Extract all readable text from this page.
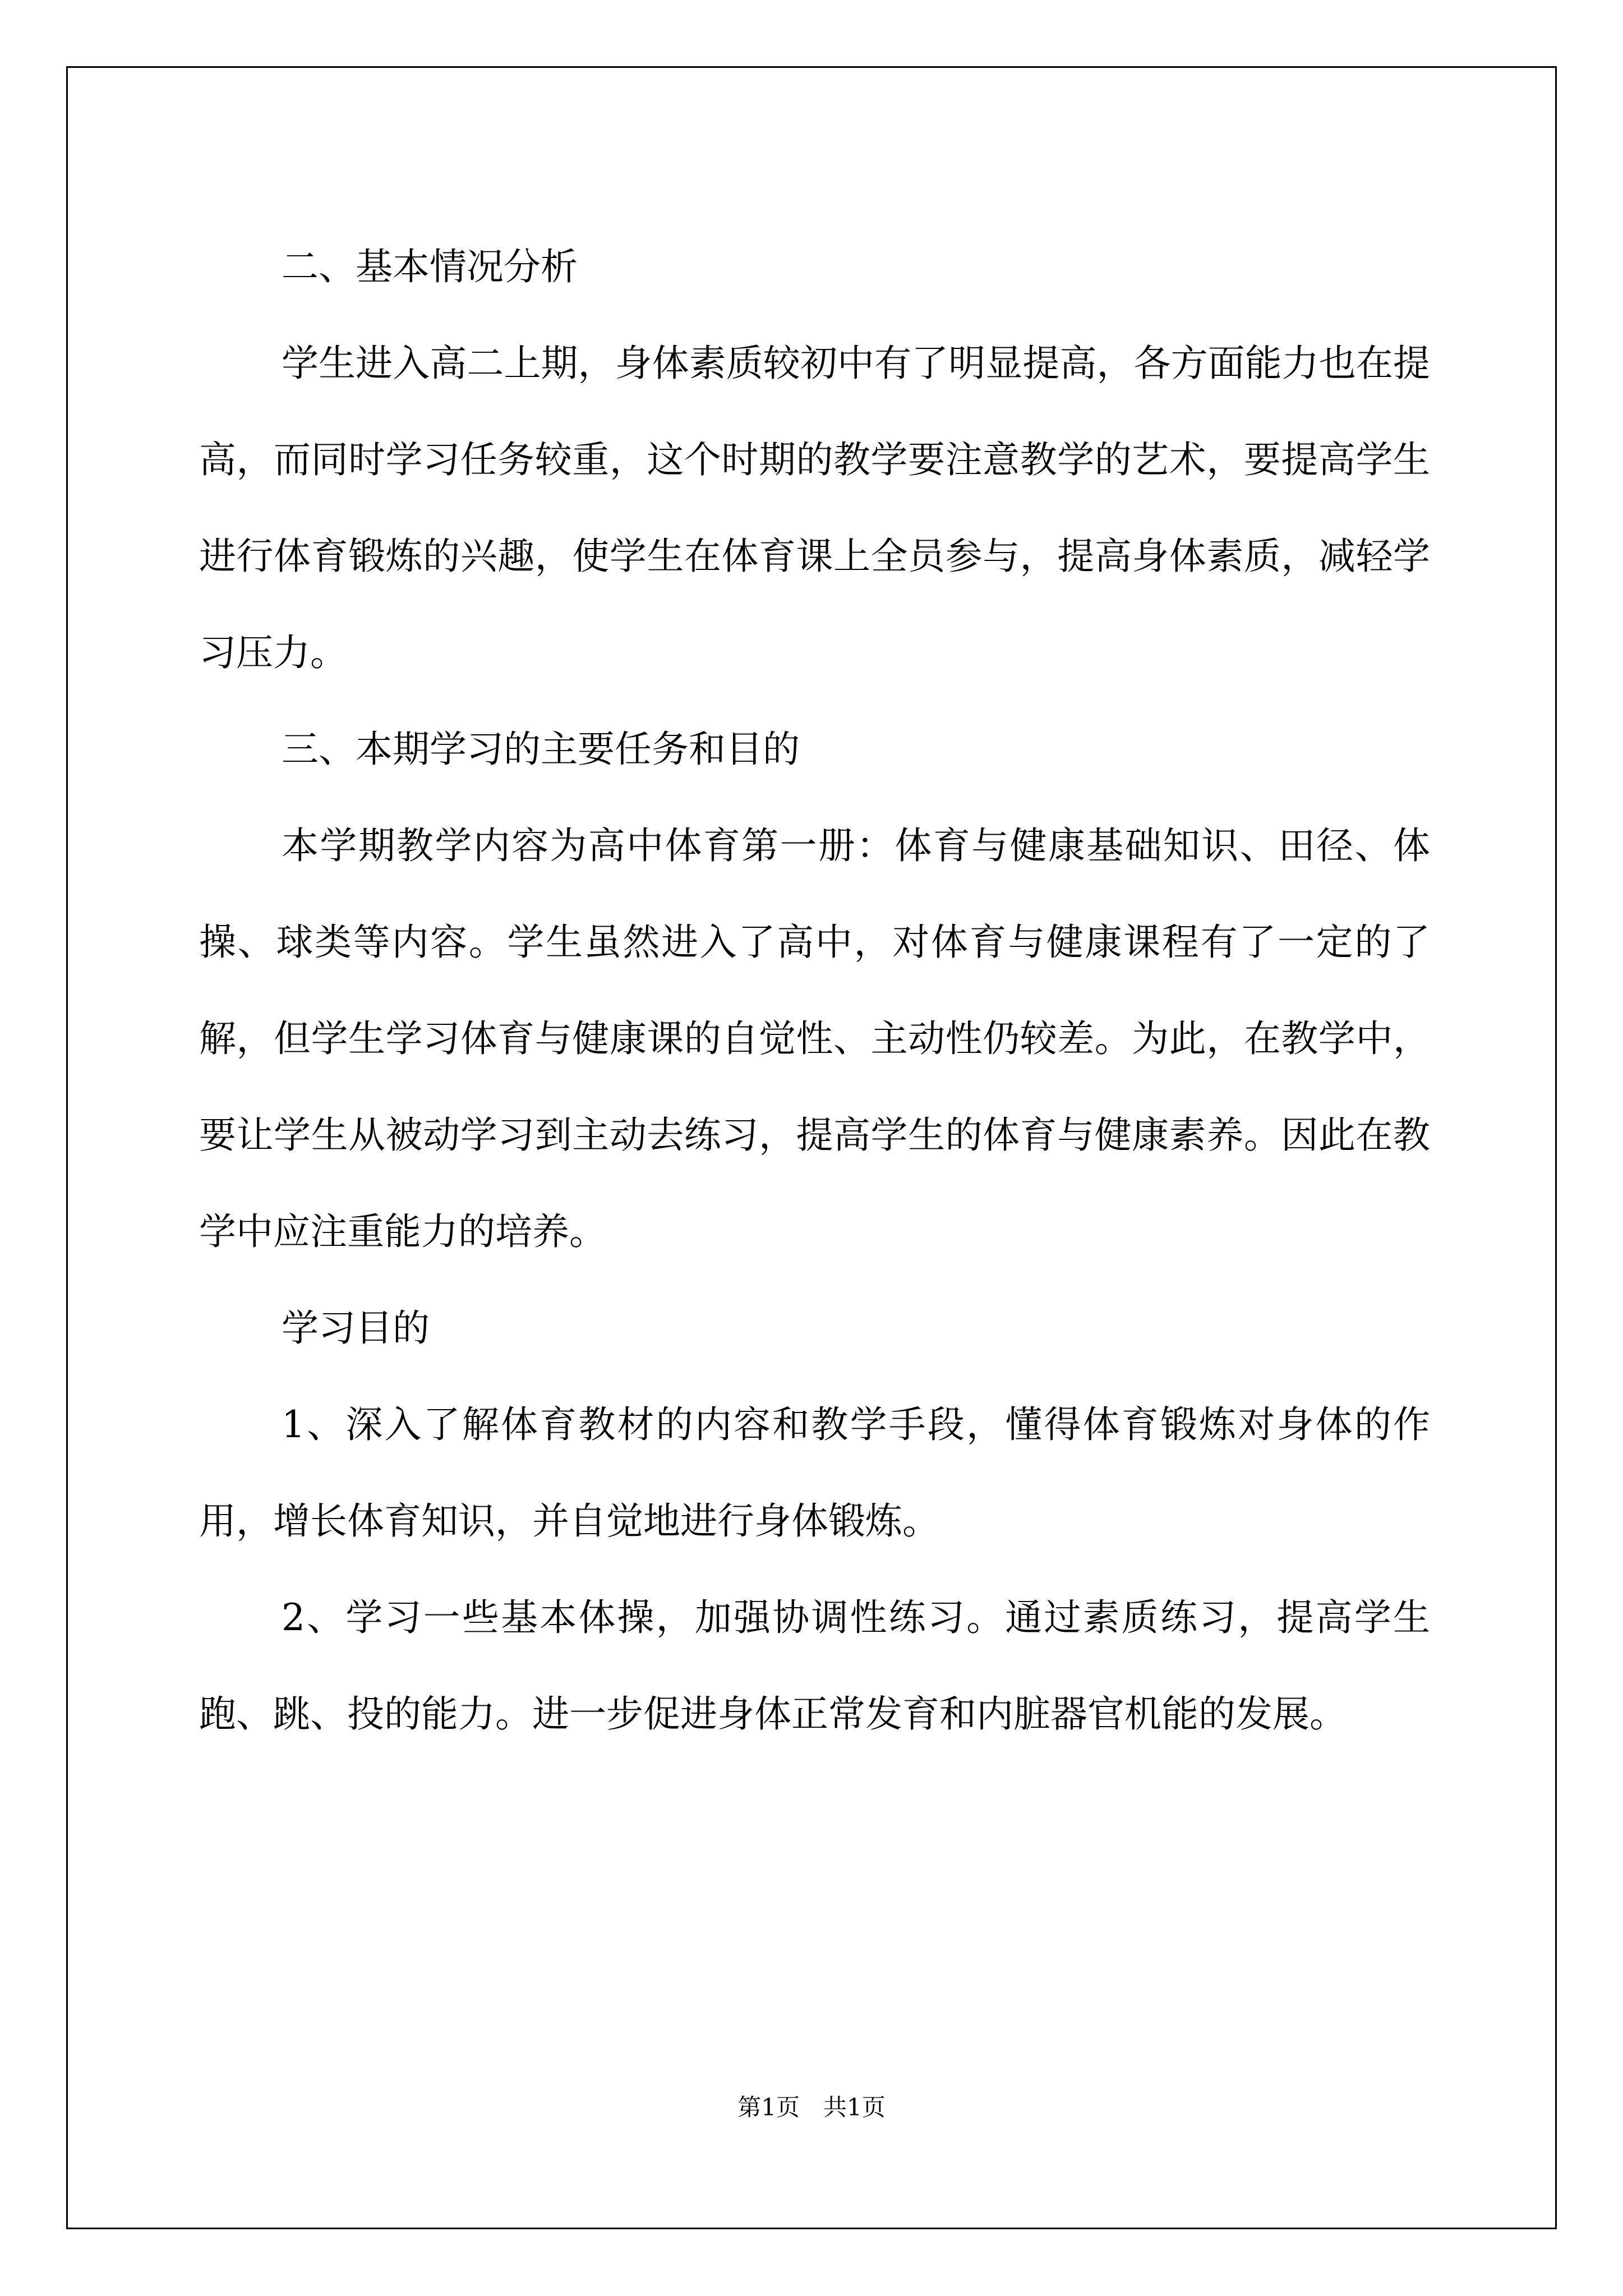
二、基本情况分析

学生进入高二上期，身体素质较初中有了明显提高，各方面能力也在提高，而同时学习任务较重，这个时期的教学要注意教学的艺术，要提高学生进行体育锻炼的兴趣，使学生在体育课上全员参与，提高身体素质，减轻学习压力。

三、本期学习的主要任务和目的

本学期教学内容为高中体育第一册：体育与健康基础知识、田径、体操、球类等内容。学生虽然进入了高中，对体育与健康课程有了一定的了解，但学生学习体育与健康课的自觉性、主动性仍较差。为此，在教学中，要让学生从被动学习到主动去练习，提高学生的体育与健康素养。因此在教学中应注重能力的培养。

学习目的

1、深入了解体育教材的内容和教学手段，懂得体育锻炼对身体的作用，增长体育知识，并自觉地进行身体锻炼。

2、学习一些基本体操，加强协调性练习。通过素质练习，提高学生跑、跳、投的能力。进一步促进身体正常发育和内脏器官机能的发展。

第1页　共1页
